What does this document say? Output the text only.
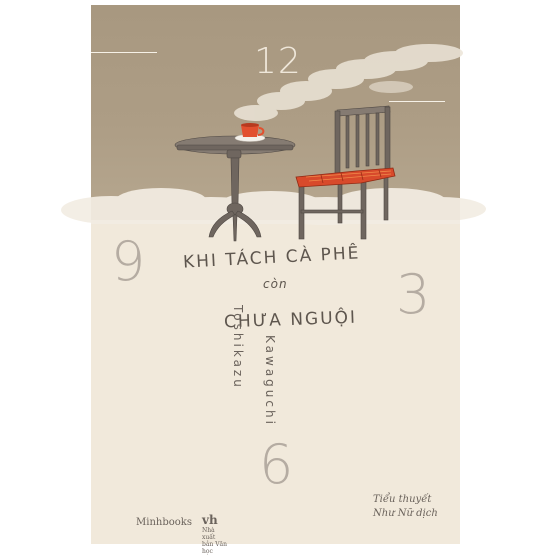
12
9
3
6
KHI TÁCH CÀ PHÊ
còn
CHƯA NGUỘI
Toshikazu Kawaguchi
Minhbooks vh
Nhà xuất bản Văn học
Tiểu thuyết
Như Nữ dịch
